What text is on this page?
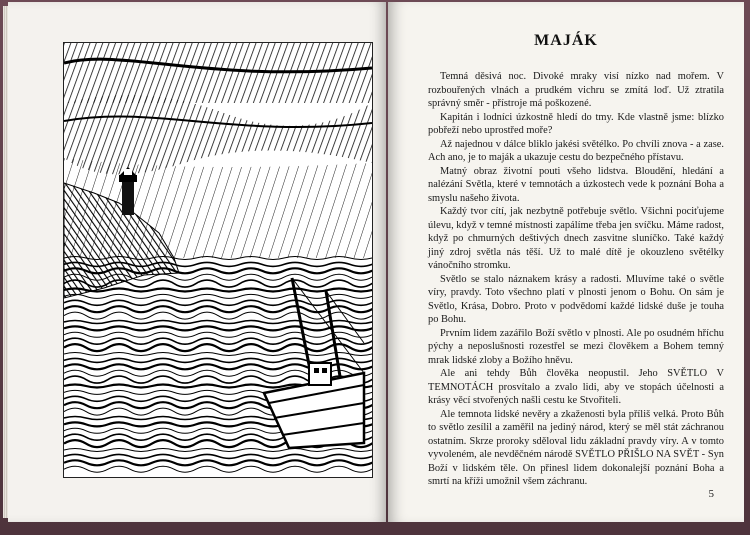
MAJÁK

Temná děsivá noc. Divoké mraky visí nízko nad mořem. V rozbouřených vlnách a prudkém vichru se zmítá loď. Už ztratila správný směr - přístroje má poškozené.

Kapitán i lodníci úzkostně hledí do tmy. Kde vlastně jsme: blízko pobřeží nebo uprostřed moře?

Až najednou v dálce bliklo jakési světélko. Po chvíli znova - a zase. Ach ano, je to maják a ukazuje cestu do bezpečného přístavu.

Matný obraz životní pouti všeho lidstva. Bloudění, hledání a nalézání Světla, které v temnotách a úzkostech vede k poznání Boha a smyslu našeho života.

Každý tvor cítí, jak nezbytně potřebuje světlo. Všichni pociťujeme úlevu, když v temné místnosti zapálíme třeba jen svíčku. Máme radost, když po chmurných deštivých dnech zasvitne sluníčko. Také každý jiný zdroj světla nás těší. Už to malé dítě je okouzleno světélky vánočního stromku.

Světlo se stalo náznakem krásy a radosti. Mluvíme také o světle víry, pravdy. Toto všechno platí v plnosti jenom o Bohu. On sám je Světlo, Krása, Dobro. Proto v podvědomí každé lidské duše je touha po Bohu.

Prvním lidem zazářilo Boží světlo v plnosti. Ale po osudném hříchu pýchy a neposlušnosti rozestřel se mezi člověkem a Bohem temný mrak lidské zloby a Božího hněvu.

Ale ani tehdy Bůh člověka neopustil. Jeho SVĚTLO V TEMNOTÁCH prosvítalo a zvalo lidi, aby ve stopách účelnosti a krásy věcí stvořených našli cestu ke Stvořiteli.

Ale temnota lidské nevěry a zkaženosti byla příliš velká. Proto Bůh to světlo zesílil a zaměřil na jediný národ, který se měl stát záchranou ostatním. Skrze proroky sděloval lidu základní pravdy víry. A v tomto vyvoleném, ale nevděčném národě SVĚTLO PŘIŠLO NA SVĚT - Syn Boží v lidském těle. On přinesl lidem dokonalejší poznání Boha a smrtí na kříži umožnil všem záchranu.

5
